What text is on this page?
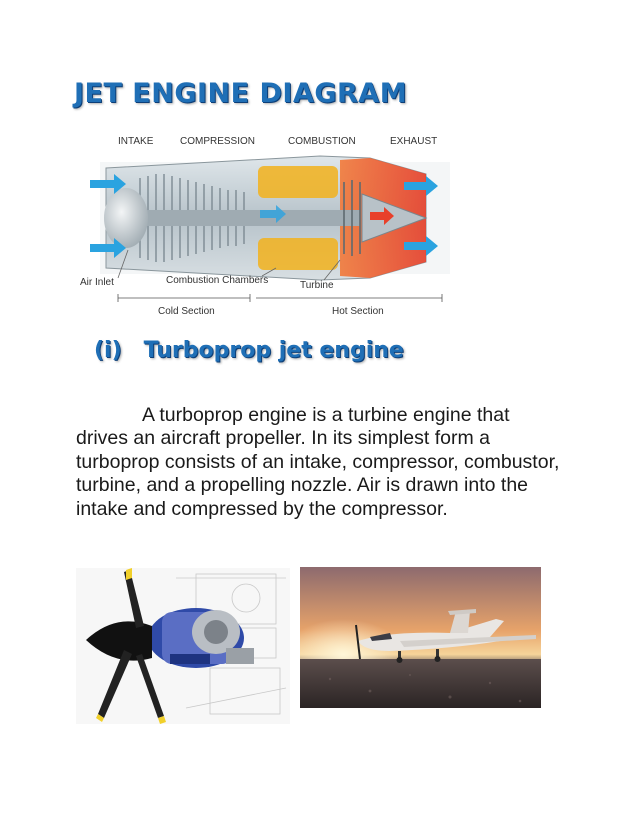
JET ENGINE DIAGRAM
INTAKE	COMPRESSION	COMBUSTION	EXHAUST
Air Inlet	Combustion Chambers	Turbine
Cold Section	Hot Section
(i) Turboprop jet engine

A turboprop engine is a turbine engine that drives an aircraft propeller. In its simplest form a turboprop consists of an intake, compressor, combustor, turbine, and a propelling nozzle. Air is drawn into the intake and compressed by the compressor.
